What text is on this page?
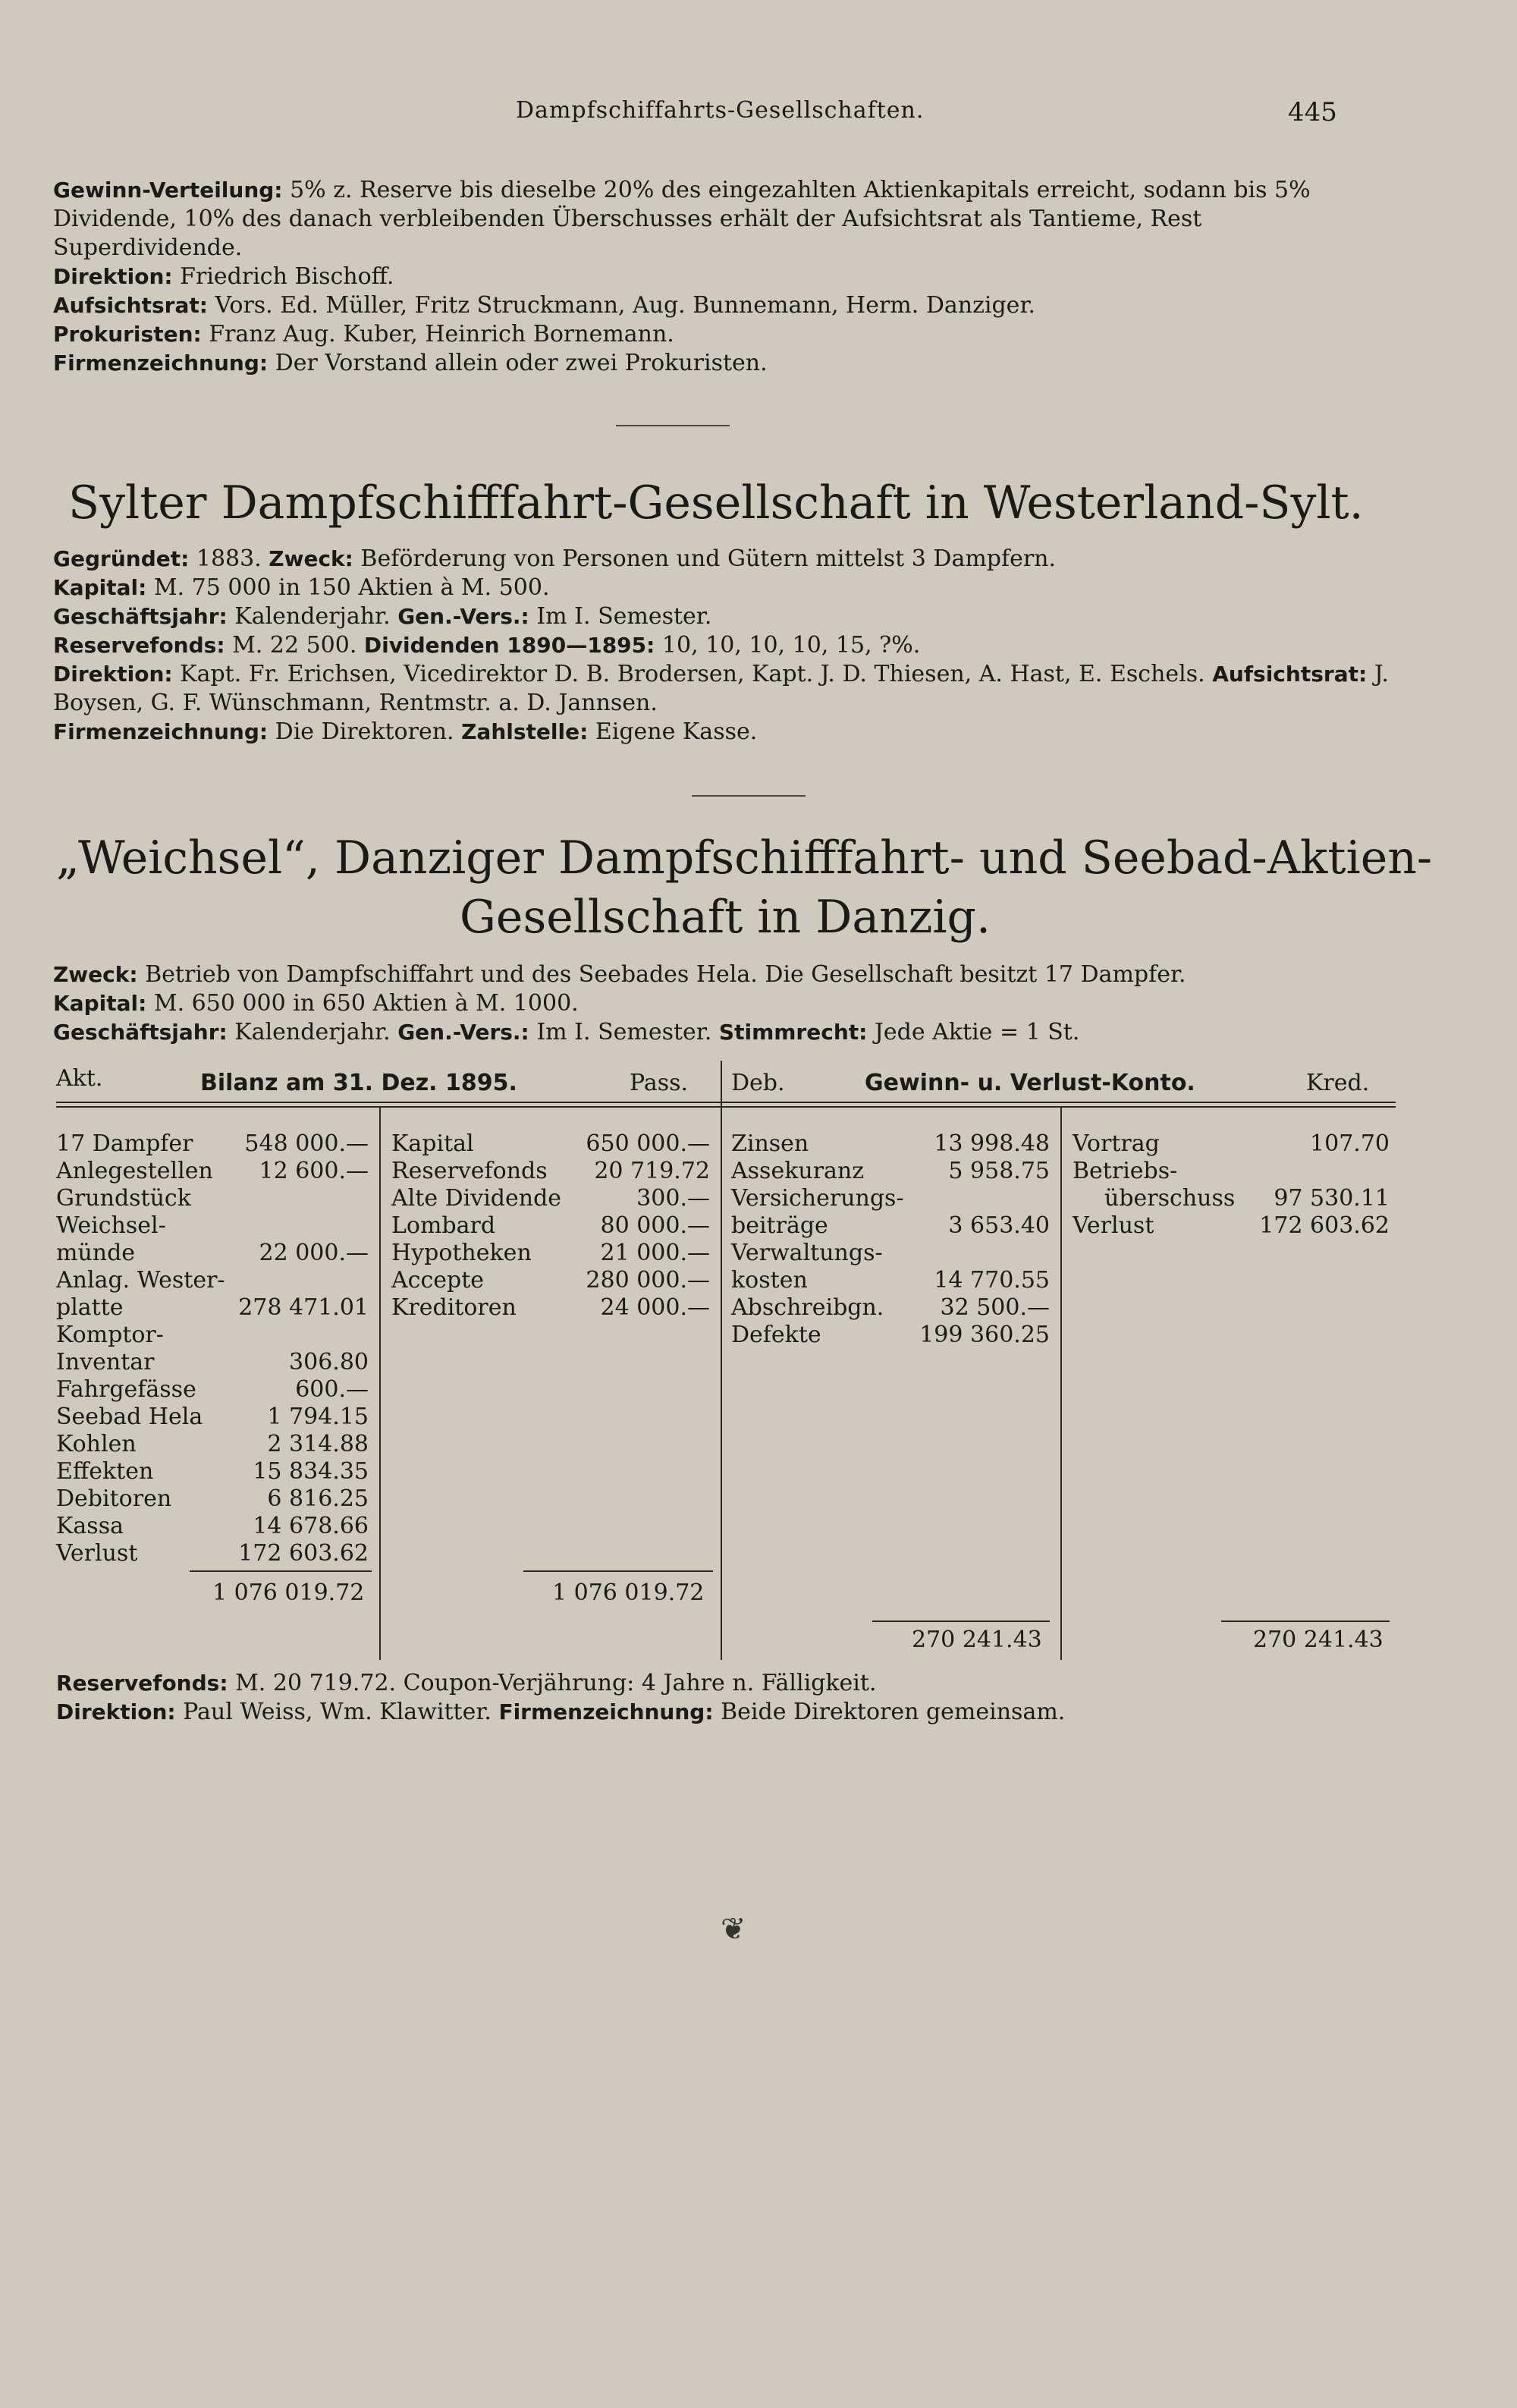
Dampfschiffahrts-Gesellschaften.	445
Gewinn-Verteilung: 5% z. Reserve bis dieselbe 20% des eingezahlten Aktienkapitals erreicht, sodann bis 5% Dividende, 10% des danach verbleibenden Überschusses erhält der Aufsichtsrat als Tantieme, Rest Superdividende.
Direktion: Friedrich Bischoff.
Aufsichtsrat: Vors. Ed. Müller, Fritz Struckmann, Aug. Bunnemann, Herm. Danziger.
Prokuristen: Franz Aug. Kuber, Heinrich Bornemann.
Firmenzeichnung: Der Vorstand allein oder zwei Prokuristen.
Sylter Dampfschifffahrt-Gesellschaft in Westerland-Sylt.
Gegründet: 1883. Zweck: Beförderung von Personen und Gütern mittelst 3 Dampfern.
Kapital: M. 75 000 in 150 Aktien à M. 500.
Geschäftsjahr: Kalenderjahr. Gen.-Vers.: Im I. Semester.
Reservefonds: M. 22 500. Dividenden 1890—1895: 10, 10, 10, 10, 15, ?%.
Direktion: Kapt. Fr. Erichsen, Vicedirektor D. B. Brodersen, Kapt. J. D. Thiesen, A. Hast, E. Eschels. Aufsichtsrat: J. Boysen, G. F. Wünschmann, Rentmstr. a. D. Jannsen.
Firmenzeichnung: Die Direktoren. Zahlstelle: Eigene Kasse.
„Weichsel“, Danziger Dampfschifffahrt- und Seebad-Aktien-
Gesellschaft in Danzig.
Zweck: Betrieb von Dampfschiffahrt und des Seebades Hela. Die Gesellschaft besitzt 17 Dampfer.
Kapital: M. 650 000 in 650 Aktien à M. 1000.
Geschäftsjahr: Kalenderjahr. Gen.-Vers.: Im I. Semester. Stimmrecht: Jede Aktie = 1 St.
Akt.	Bilanz am 31. Dez. 1895.	Pass. Deb.	Gewinn- u. Verlust-Konto.	Kred.
17 Dampfer 548 000.—
Anlegestellen 12 600.—
Grundstück
Weichsel-
münde	22 000.—
Anlag. Wester-
platte	278 471.01
Komptor-
Inventar	306.80
Fahrgefässe	600.—
Seebad Hela	1 794.15
Kohlen	2 314.88
Effekten	15 834.35
Debitoren	6 816.25
Kassa	14 678.66
Verlust	172 603.62
1 076 019.72
Kapital	650 000.—
Reservefonds 20 719.72
Alte Dividende	300.—
Lombard	80 000.—
Hypotheken	21 000.—
Accepte	280 000.—
Kreditoren	24 000.—
1 076 019.72
Zinsen	13 998.48
Assekuranz	5 958.75
Versicherungs-
beiträge	3 653.40
Verwaltungs-
kosten	14 770.55
Abschreibgn. 32 500.—
Defekte	199 360.25
270 241.43
Vortrag	107.70
Betriebs-
überschuss 97 530.11
Verlust	172 603.62
270 241.43
Reservefonds: M. 20 719.72. Coupon-Verjährung: 4 Jahre n. Fälligkeit.
Direktion: Paul Weiss, Wm. Klawitter. Firmenzeichnung: Beide Direktoren gemeinsam.
❦
